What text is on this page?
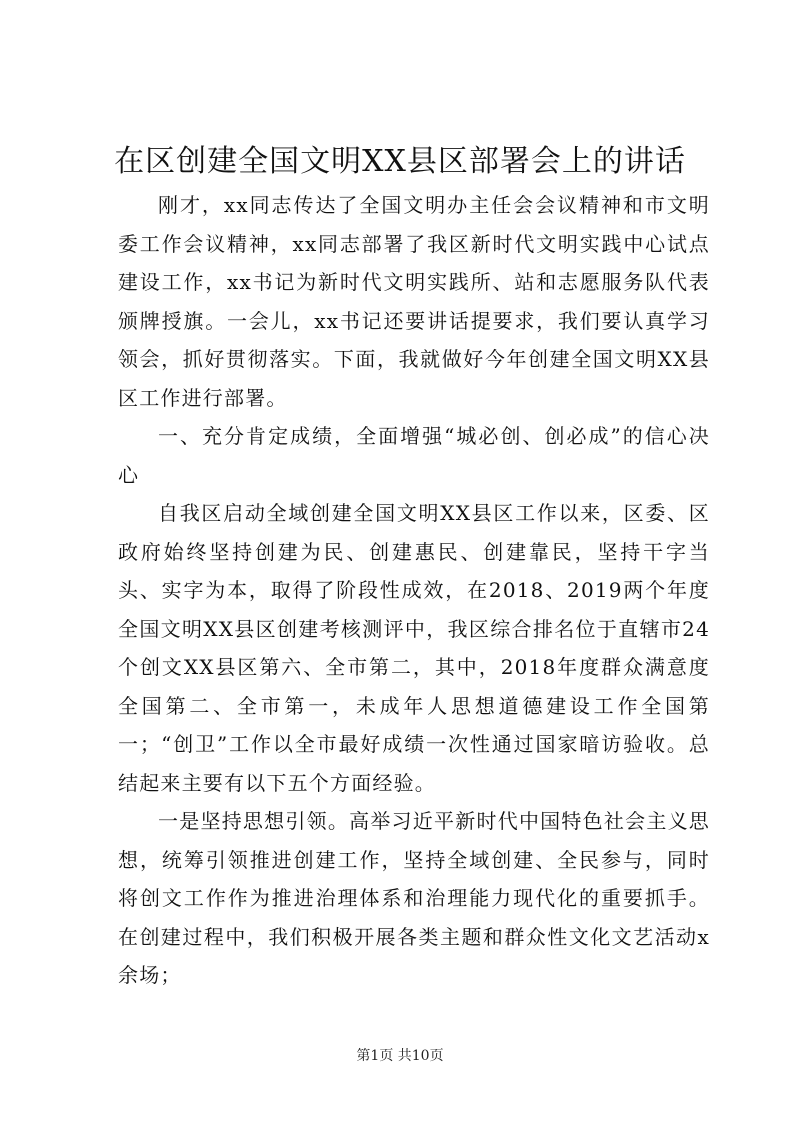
在区创建全国文明XX县区部署会上的讲话

刚才，xx同志传达了全国文明办主任会会议精神和市文明委工作会议精神，xx同志部署了我区新时代文明实践中心试点建设工作，xx书记为新时代文明实践所、站和志愿服务队代表颁牌授旗。一会儿，xx书记还要讲话提要求，我们要认真学习领会，抓好贯彻落实。下面，我就做好今年创建全国文明XX县区工作进行部署。

一、充分肯定成绩，全面增强“城必创、创必成”的信心决心

自我区启动全域创建全国文明XX县区工作以来，区委、区政府始终坚持创建为民、创建惠民、创建靠民，坚持干字当头、实字为本，取得了阶段性成效，在2018、2019两个年度全国文明XX县区创建考核测评中，我区综合排名位于直辖市24个创文XX县区第六、全市第二，其中，2018年度群众满意度全国第二、全市第一，未成年人思想道德建设工作全国第一；“创卫”工作以全市最好成绩一次性通过国家暗访验收。总结起来主要有以下五个方面经验。

一是坚持思想引领。高举习近平新时代中国特色社会主义思想，统筹引领推进创建工作，坚持全域创建、全民参与，同时将创文工作作为推进治理体系和治理能力现代化的重要抓手。在创建过程中，我们积极开展各类主题和群众性文化文艺活动x余场；

第1页 共10页
